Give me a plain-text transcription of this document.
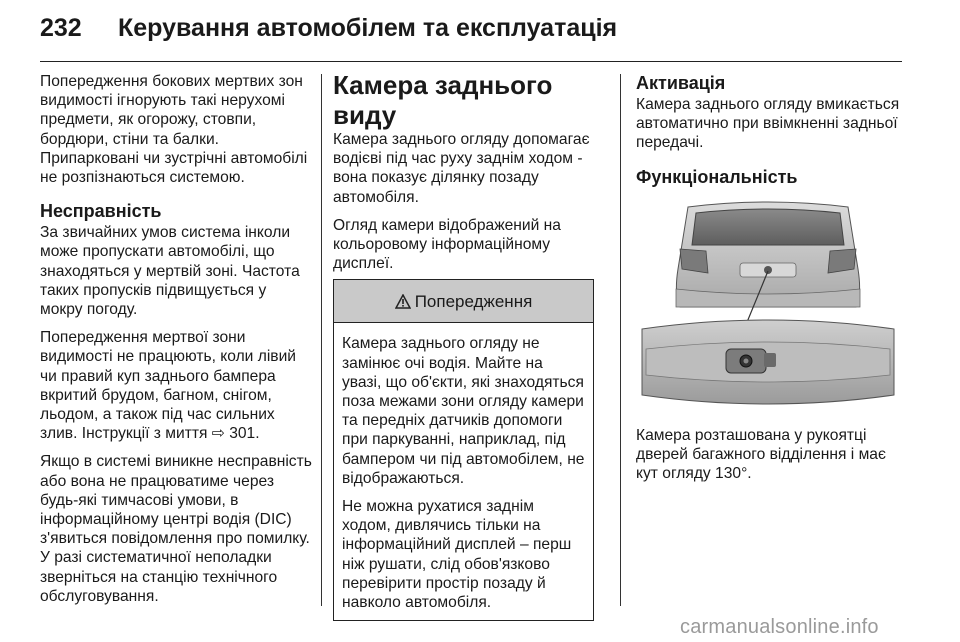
232 Керування автомобілем та експлуатація

Попередження бокових мертвих зон видимості ігнорують такі нерухомі предмети, як огорожу, стовпи, бордюри, стіни та балки. Припарковані чи зустрічні автомобілі не розпізнаються системою.

Несправність

За звичайних умов система інколи може пропускати автомобілі, що знаходяться у мертвій зоні. Частота таких пропусків підвищується у мокру погоду.

Попередження мертвої зони видимості не працюють, коли лівий чи правий куп заднього бампера вкритий брудом, багном, снігом, льодом, а також під час сильних злив. Інструкції з миття ⇨ 301.

Якщо в системі виникне несправність або вона не працюватиме через будь-які тимчасові умови, в інформаційному центрі водія (DIC) з'явиться повідомлення про помилку. У разі систематичної неполадки зверніться на станцію технічного обслуговування.

Камера заднього виду

Камера заднього огляду допомагає водієві під час руху заднім ходом - вона показує ділянку позаду автомобіля.

Огляд камери відображений на кольоровому інформаційному дисплеї.

Попередження

Камера заднього огляду не замінює очі водія. Майте на увазі, що об'єкти, які знаходяться поза межами зони огляду камери та передніх датчиків допомоги при паркуванні, наприклад, під бампером чи під автомобілем, не відображаються.

Не можна рухатися заднім ходом, дивлячись тільки на інформаційний дисплей – перш ніж рушати, слід обов'язково перевірити простір позаду й навколо автомобіля.

Активація

Камера заднього огляду вмикається автоматично при ввімкненні задньої передачі.

Функціональність

Камера розташована у рукоятці дверей багажного відділення і має кут огляду 130°.

carmanualsonline.info
